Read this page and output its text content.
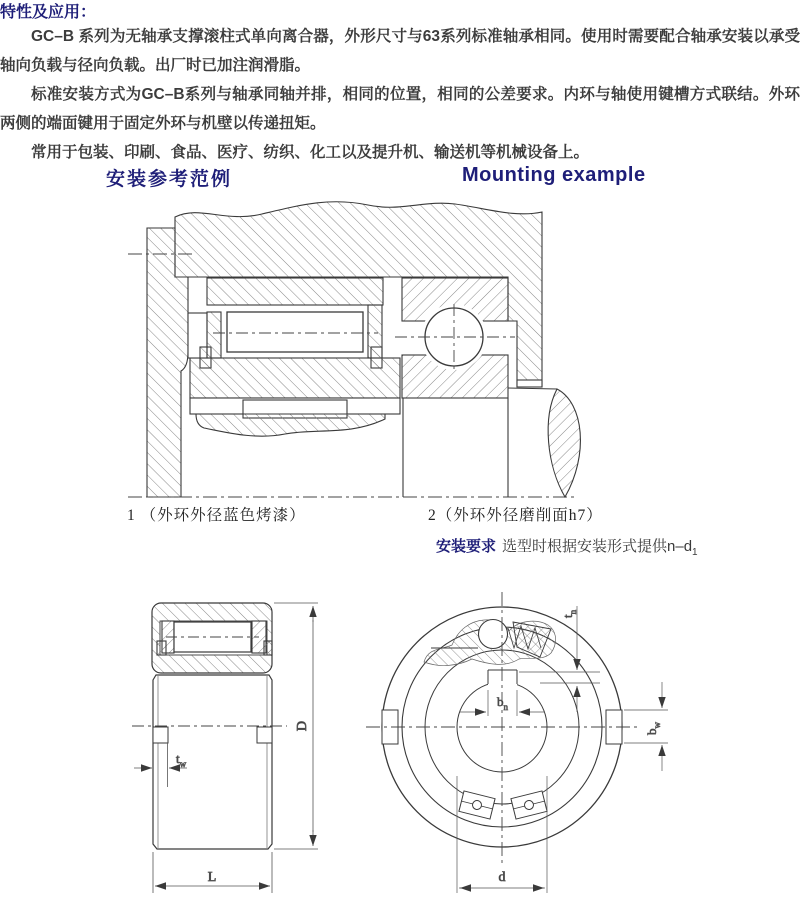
特性及应用：

GC–B 系列为无轴承支撑滚柱式单向离合器，外形尺寸与63系列标准轴承相同。使用时需要配合轴承安装以承受轴向负载与径向负载。出厂时已加注润滑脂。

标准安装方式为GC–B系列与轴承同轴并排，相同的位置，相同的公差要求。内环与轴使用键槽方式联结。外环两侧的端面键用于固定外环与机壁以传递扭矩。

常用于包装、印刷、食品、医疗、纺织、化工以及提升机、输送机等机械设备上。

安装参考范例	Mounting example
1 （外环外径蓝色烤漆）	2（外环外径磨削面h7）
安装要求 选型时根据安装形式提供$n-d_1$
$t_w$
D
L
$t_n$
$b_n$
$b_w$
d
